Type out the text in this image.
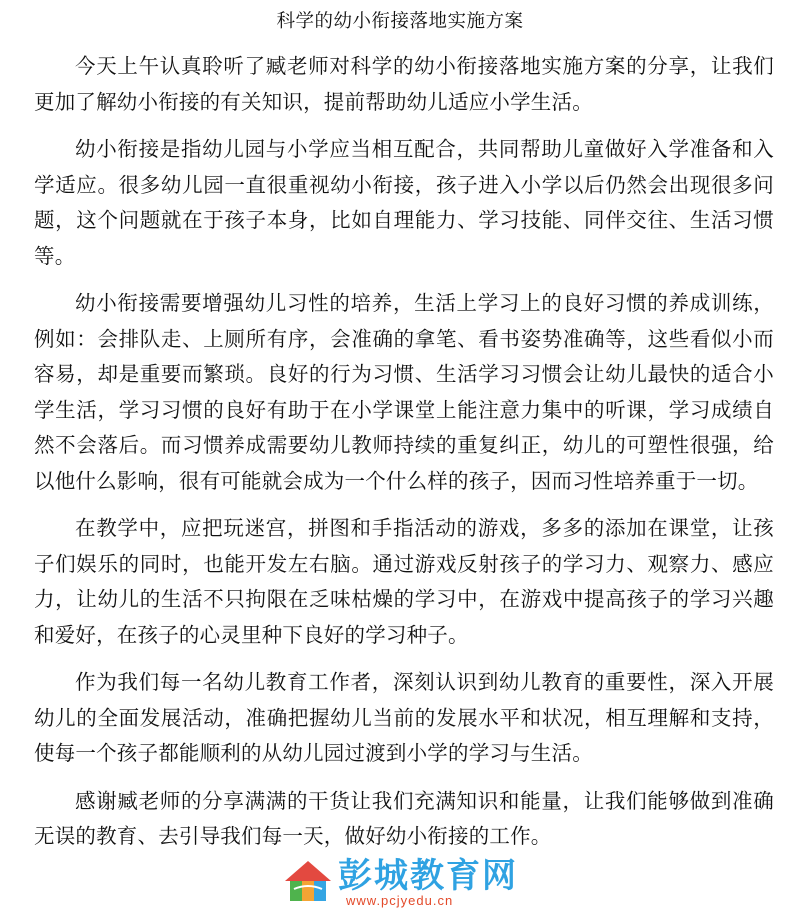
科学的幼小衔接落地实施方案

今天上午认真聆听了臧老师对科学的幼小衔接落地实施方案的分享，让我们更加了解幼小衔接的有关知识，提前帮助幼儿适应小学生活。

幼小衔接是指幼儿园与小学应当相互配合，共同帮助儿童做好入学准备和入学适应。很多幼儿园一直很重视幼小衔接，孩子进入小学以后仍然会出现很多问题，这个问题就在于孩子本身，比如自理能力、学习技能、同伴交往、生活习惯等。

幼小衔接需要增强幼儿习性的培养，生活上学习上的良好习惯的养成训练，例如：会排队走、上厕所有序，会准确的拿笔、看书姿势准确等，这些看似小而容易，却是重要而繁琐。良好的行为习惯、生活学习习惯会让幼儿最快的适合小学生活，学习习惯的良好有助于在小学课堂上能注意力集中的听课，学习成绩自然不会落后。而习惯养成需要幼儿教师持续的重复纠正，幼儿的可塑性很强，给以他什么影响，很有可能就会成为一个什么样的孩子，因而习性培养重于一切。

在教学中，应把玩迷宫，拼图和手指活动的游戏，多多的添加在课堂，让孩子们娱乐的同时，也能开发左右脑。通过游戏反射孩子的学习力、观察力、感应力，让幼儿的生活不只拘限在乏味枯燥的学习中，在游戏中提高孩子的学习兴趣和爱好，在孩子的心灵里种下良好的学习种子。

作为我们每一名幼儿教育工作者，深刻认识到幼儿教育的重要性，深入开展幼儿的全面发展活动，准确把握幼儿当前的发展水平和状况，相互理解和支持，使每一个孩子都能顺利的从幼儿园过渡到小学的学习与生活。

感谢臧老师的分享满满的干货让我们充满知识和能量，让我们能够做到准确无误的教育、去引导我们每一天，做好幼小衔接的工作。

彭城教育网
www.pcjyedu.cn
